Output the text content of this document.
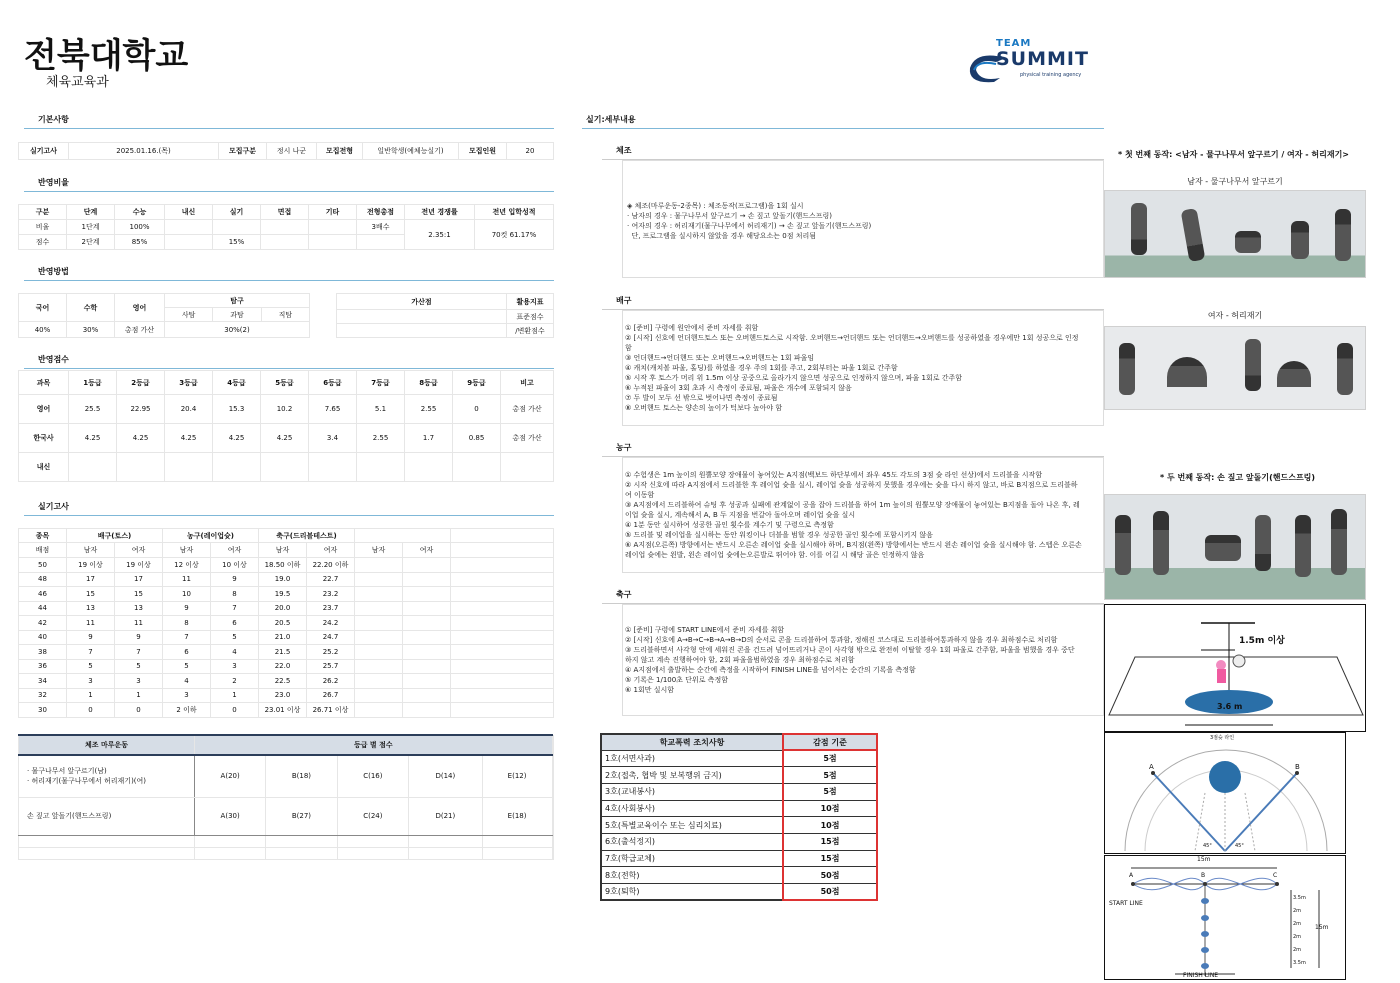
전북대학교
체육교육과
TEAM
SUMMIT
physical training agency
기본사항
실기고사	2025.01.16.(목)	모집구분	정시 나군	모집전형	일반학생(예체능실기)	모집인원	20
반영비율
구분	단계	수능	내신	실기	면접	기타	전형총점	전년 경쟁률	전년 입학성적
비율	1단계	100%					3배수	2.35:1	70컷 61.17%
점수	2단계	85%		15%					
반영방법
국어	수학	영어	탐구		
			사탐	과탐	직탐
40%	30%	총점 가산	30%(2)		
가산점	활용지표
	표준점수
	/변환점수
반영점수
과목	1등급	2등급	3등급	4등급	5등급	6등급	7등급	8등급	9등급	비고
영어	25.5	22.95	20.4	15.3	10.2	7.65	5.1	2.55	0	총점 가산
한국사	4.25	4.25	4.25	4.25	4.25	3.4	2.55	1.7	0.85	총점 가산
내신										
실기고사
종목	배구(토스)		농구(레이업슛)		축구(드리블테스트)				
배점	남자	여자	남자	여자	남자	여자	남자	여자	
50	19 이상	19 이상	12 이상	10 이상	18.50 이하	22.20 이하			
48	17	17	11	9	19.0	22.7			
46	15	15	10	8	19.5	23.2			
44	13	13	9	7	20.0	23.7			
42	11	11	8	6	20.5	24.2			
40	9	9	7	5	21.0	24.7			
38	7	7	6	4	21.5	25.2			
36	5	5	5	3	22.0	25.7			
34	3	3	4	2	22.5	26.2			
32	1	1	3	1	23.0	26.7			
30	0	0	2 이하	0	23.01 이상	26.71 이상			
체조 마루운동	등급 별 점수					

· 물구나무서 앞구르기(남)
· 허리재기(물구나무에서 허리재기)(여)	A(20)	B(18)	C(16)	D(14)	E(12)	
손 짚고 앞돌기(핸드스프링)	A(30)	B(27)	C(24)	D(21)	E(18)	

실기:세부내용
체조
◈ 체조(마루운동-2종목) : 체조동작(프로그램)을 1회 실시
· 남자의 경우 : 물구나무서 앞구르기 → 손 짚고 앞돌기(핸드스프링)
· 여자의 경우 : 허리재기(물구나무에서 허리재기) → 손 짚고 앞돌기(핸드스프링)
단, 프로그램을 실시하지 않았을 경우 해당요소는 0점 처리됨
배구
① [준비] 구령에 원안에서 준비 자세를 취함
② [시작] 신호에 언더핸드토스 또는 오버핸드토스로 시작함. 오버핸드→언더핸드 또는 언더핸드→오버핸드를 성공하였을 경우에만 1회 성공으로 인정
함
③ 언더핸드→언더핸드 또는 오버핸드→오버핸드는 1회 파울임
④ 캐치(캐치볼 파울, 홀딩)를 하였을 경우 주의 1회를 주고, 2회부터는 파울 1회로 간주함
⑤ 시작 후 토스가 머리 위 1.5m 이상 공중으로 올라가지 않으면 성공으로 인정하지 않으며, 파울 1회로 간주함
⑥ 누적된 파울이 3회 초과 시 측정이 종료됨, 파울은 개수에 포함되지 않음
⑦ 두 발이 모두 선 밖으로 벗어나면 측정이 종료됨
⑧ 오버핸드 토스는 양손의 높이가 턱보다 높아야 함
농구
① 수험생은 1m 높이의 원뿔모양 장애물이 놓여있는 A지점(백보드 하단부에서 좌우 45도 각도의 3점 슛 라인 선상)에서 드리블을 시작함
② 시작 신호에 따라 A지점에서 드리블한 후 레이업 슛을 실시, 레이업 슛을 성공하지 못했을 경우에는 슛을 다시 하지 않고, 바로 B지점으로 드리블하
여 이동함
③ A지점에서 드리블하여 슈팅 후 성공과 실패에 관계없이 공을 잡아 드리블을 하여 1m 높이의 원뿔모양 장애물이 놓여있는 B지점을 돌아 나온 후, 레
이업 슛을 실시, 계속해서 A, B 두 지점을 번갈아 돌아오며 레이업 슛을 실시
④ 1분 동안 실시하여 성공한 골인 횟수를 계수기 및 구령으로 측정함
⑤ 드리블 및 레이업을 실시하는 동안 워킹이나 더블을 범할 경우 성공한 골인 횟수에 포함시키지 않음
⑥ A지점(오른쪽) 방향에서는 반드시 오른손 레이업 슛을 실시해야 하며, B지점(왼쪽) 방향에서는 반드시 왼손 레이업 슛을 실시해야 함. 스텝은 오른손
레이업 슛에는 왼발, 왼손 레이업 슛에는오른발로 뛰어야 함. 이를 어길 시 해당 골은 인정하지 않음
축구
① [준비] 구령에 START LINE에서 준비 자세를 취함
② [시작] 신호에 A→B→C→B→A→B→D의 순서로 콘을 드리블하여 통과함, 정해진 코스대로 드리블하여통과하지 않을 경우 최하점수로 처리함
③ 드리블하면서 사각형 안에 세워진 콘을 건드려 넘어뜨리거나 콘이 사각형 밖으로 완전히 이탈할 경우 1회 파울로 간주함, 파울을 범했을 경우 중단
하지 않고 계속 진행하여야 함, 2회 파울을범하였을 경우 최하점수로 처리함
④ A지점에서 출발하는 순간에 측정을 시작하여 FINISH LINE을 넘어서는 순간의 기록을 측정함
⑤ 기록은 1/100초 단위로 측정함
⑥ 1회만 실시함
학교폭력 조치사항	감점 기준
1호(서면사과)	5점
2호(접촉, 협박 및 보복행위 금지)	5점
3호(교내봉사)	5점
4호(사회봉사)	10점
5호(특별교육이수 또는 심리치료)	10점
6호(출석정지)	15점
7호(학급교체)	15점
8호(전학)	50점
9호(퇴학)	50점
* 첫 번째 동작: <남자 - 물구나무서 앞구르기 / 여자 - 허리재기>
남자 - 물구나무서 앞구르기
여자 - 허리재기
* 두 번째 동작: 손 짚고 앞돌기(핸드스프링)
1.5m 이상
3.6 m
3점슛 라인
A	B
45°	45°
15m
START LINE
FINISH LINE
15m
A	B	C
3.5m
2m
2m
2m
2m
3.5m
